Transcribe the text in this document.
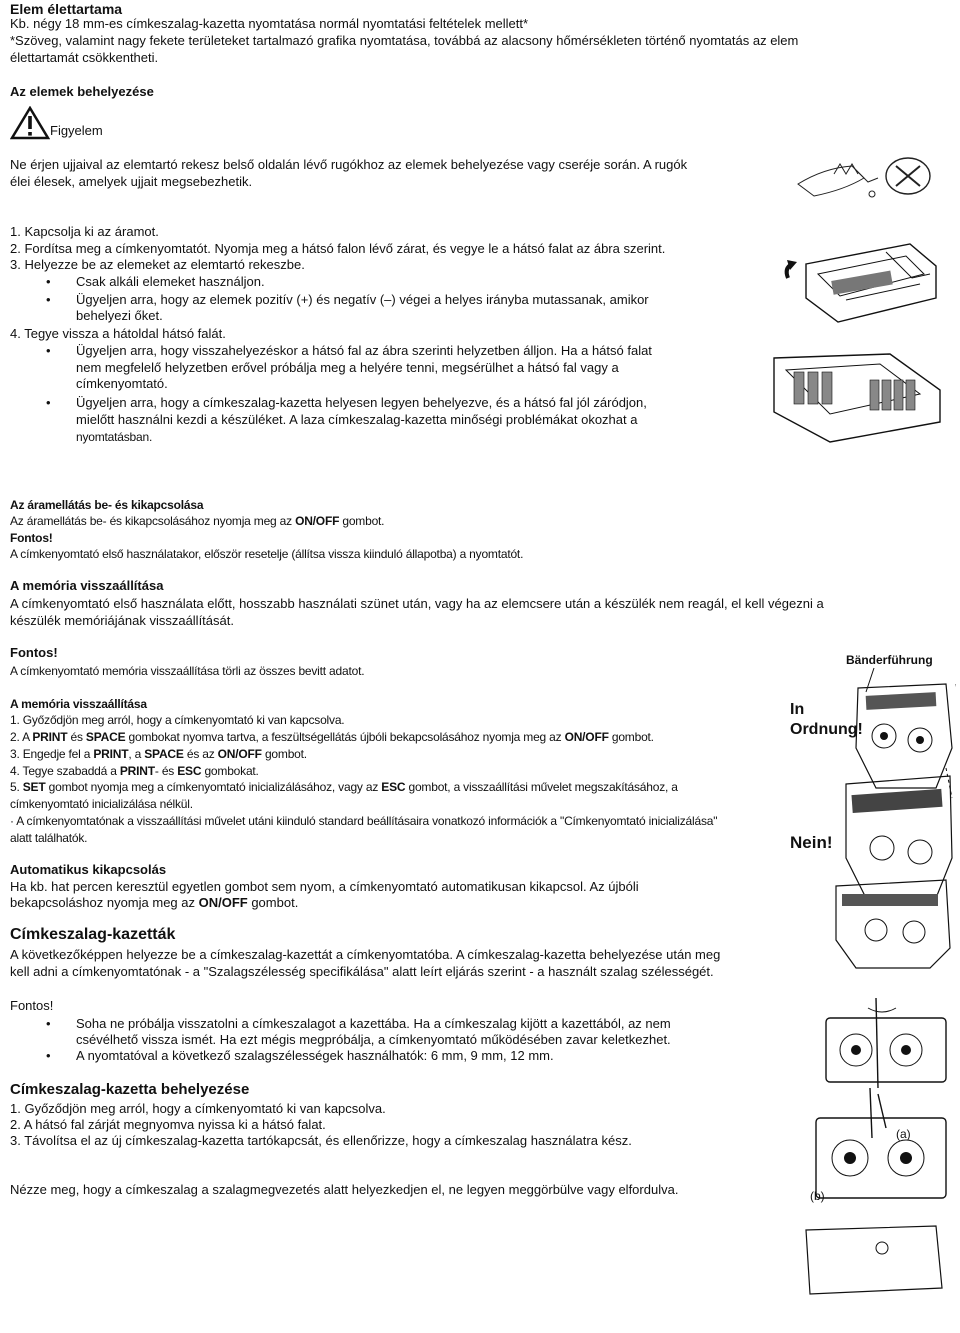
Elem élettartama
Kb. négy 18 mm-es címkeszalag-kazetta nyomtatása normál nyomtatási feltételek mellett*
*Szöveg, valamint nagy fekete területeket tartalmazó grafika nyomtatása, továbbá az alacsony hőmérsékleten történő nyomtatás az elem
élettartamát csökkentheti.
Az elemek behelyezése
Figyelem
Ne érjen ujjaival az elemtartó rekesz belső oldalán lévő rugókhoz az elemek behelyezése vagy cseréje során. A rugók
élei élesek, amelyek ujjait megsebezhetik.
1. Kapcsolja ki az áramot.
2. Fordítsa meg a címkenyomtatót. Nyomja meg a hátsó falon lévő zárat, és vegye le a hátsó falat az ábra szerint.
3. Helyezze be az elemeket az elemtartó rekeszbe.
• Csak alkáli elemeket használjon.
• Ügyeljen arra, hogy az elemek pozitív (+) és negatív (–) végei a helyes irányba mutassanak, amikor
behelyezi őket.
4. Tegye vissza a hátoldal hátsó falát.
• Ügyeljen arra, hogy visszahelyezéskor a hátsó fal az ábra szerinti helyzetben álljon. Ha a hátsó falat
nem megfelelő helyzetben erővel próbálja meg a helyére tenni, megsérülhet a hátsó fal vagy a
címkenyomtató.
• Ügyeljen arra, hogy a címkeszalag-kazetta helyesen legyen behelyezve, és a hátsó fal jól záródjon,
mielőtt használni kezdi a készüléket. A laza címkeszalag-kazetta minőségi problémákat okozhat a
nyomtatásban.
Az áramellátás be- és kikapcsolása
Az áramellátás be- és kikapcsolásához nyomja meg az ON/OFF gombot.
Fontos!
A címkenyomtató első használatakor, először resetelje (állítsa vissza kiinduló állapotba) a nyomtatót.
A memória visszaállítása
A címkenyomtató első használata előtt, hosszabb használati szünet után, vagy ha az elemcsere után a készülék nem reagál, el kell végezni a
készülék memóriájának visszaállítását.
Fontos!
A címkenyomtató memória visszaállítása törli az összes bevitt adatot.
A memória visszaállítása
1. Győződjön meg arról, hogy a címkenyomtató ki van kapcsolva.
2. A PRINT és SPACE gombokat nyomva tartva, a feszültségellátás újbóli bekapcsolásához nyomja meg az ON/OFF gombot.
3. Engedje fel a PRINT, a SPACE és az ON/OFF gombot.
4. Tegye szabaddá a PRINT- és ESC gombokat.
5. SET gombot nyomja meg a címkenyomtató inicializálásához, vagy az ESC gombot, a visszaállítási művelet megszakításához, a
címkenyomtató inicializálása nélkül.
· A címkenyomtatónak a visszaállítási művelet utáni kiinduló standard beállításaira vonatkozó információk a "Címkenyomtató inicializálása"
alatt találhatók.
Automatikus kikapcsolás
Ha kb. hat percen keresztül egyetlen gombot sem nyom, a címkenyomtató automatikusan kikapcsol. Az újbóli
bekapcsoláshoz nyomja meg az ON/OFF gombot.
Címkeszalag-kazetták
A következőképpen helyezze be a címkeszalag-kazettát a címkenyomtatóba. A címkeszalag-kazetta behelyezése után meg
kell adni a címkenyomtatónak - a "Szalagszélesség specifikálása" alatt leírt eljárás szerint - a használt szalag szélességét.
Fontos!
• Soha ne próbálja visszatolni a címkeszalagot a kazettába. Ha a címkeszalag kijött a kazettából, az nem
csévélhető vissza ismét. Ha ezt mégis megpróbálja, a címkenyomtató működésében zavar keletkezhet.
• A nyomtatóval a következő szalagszélességek használhatók: 6 mm, 9 mm, 12 mm.
Címkeszalag-kazetta behelyezése
1. Győződjön meg arról, hogy a címkenyomtató ki van kapcsolva.
2. A hátsó fal zárját megnyomva nyissa ki a hátsó falat.
3. Távolítsa el az új címkeszalag-kazetta tartókapcsát, és ellenőrizze, hogy a címkeszalag használatra kész.
Nézze meg, hogy a címkeszalag a szalagmegvezetés alatt helyezkedjen el, ne legyen meggörbülve vagy elfordulva.
Bänderführung
In
Ordnung!
Nein!
(a)
(b)
